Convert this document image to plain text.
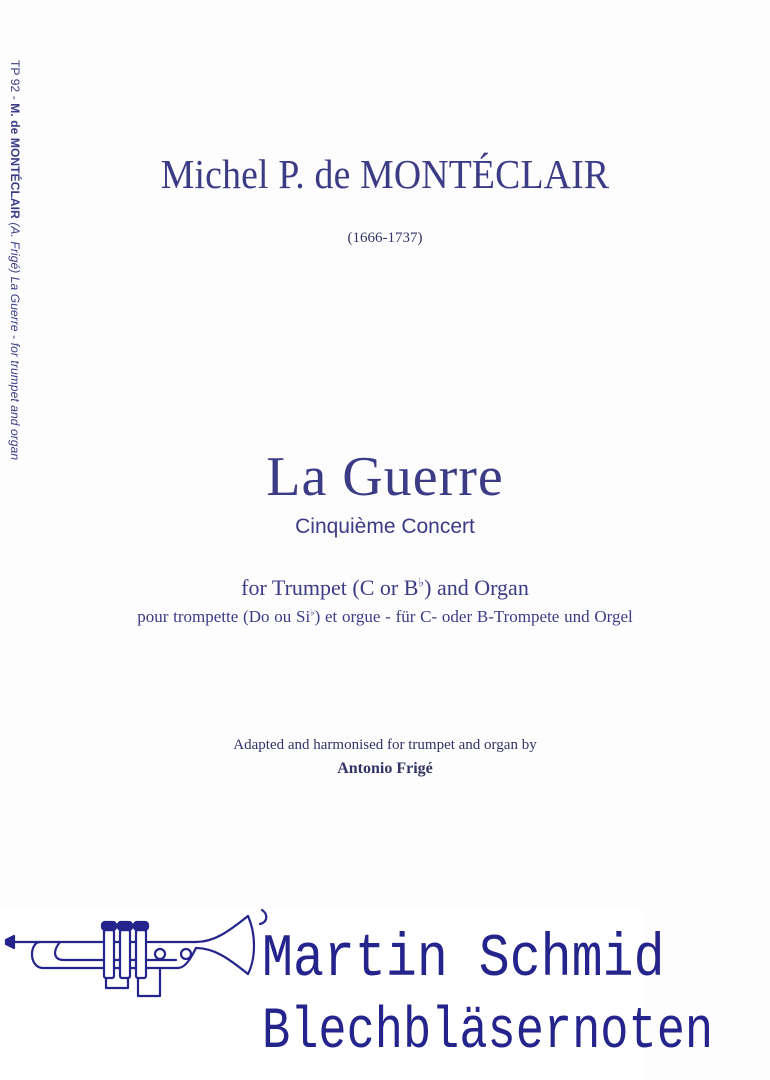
TP 92 - M. de MONTÉCLAIR (A. Frigé) La Guerre - for trumpet and organ
Michel P. de MONTÉCLAIR
(1666-1737)
La Guerre
Cinquième Concert
for Trumpet (C or B♭) and Organ
pour trompette (Do ou Si♭) et orgue - für C- oder B-Trompete und Orgel
Adapted and harmonised for trumpet and organ by
Antonio Frigé
Martin Schmid
Blechbläsernoten
